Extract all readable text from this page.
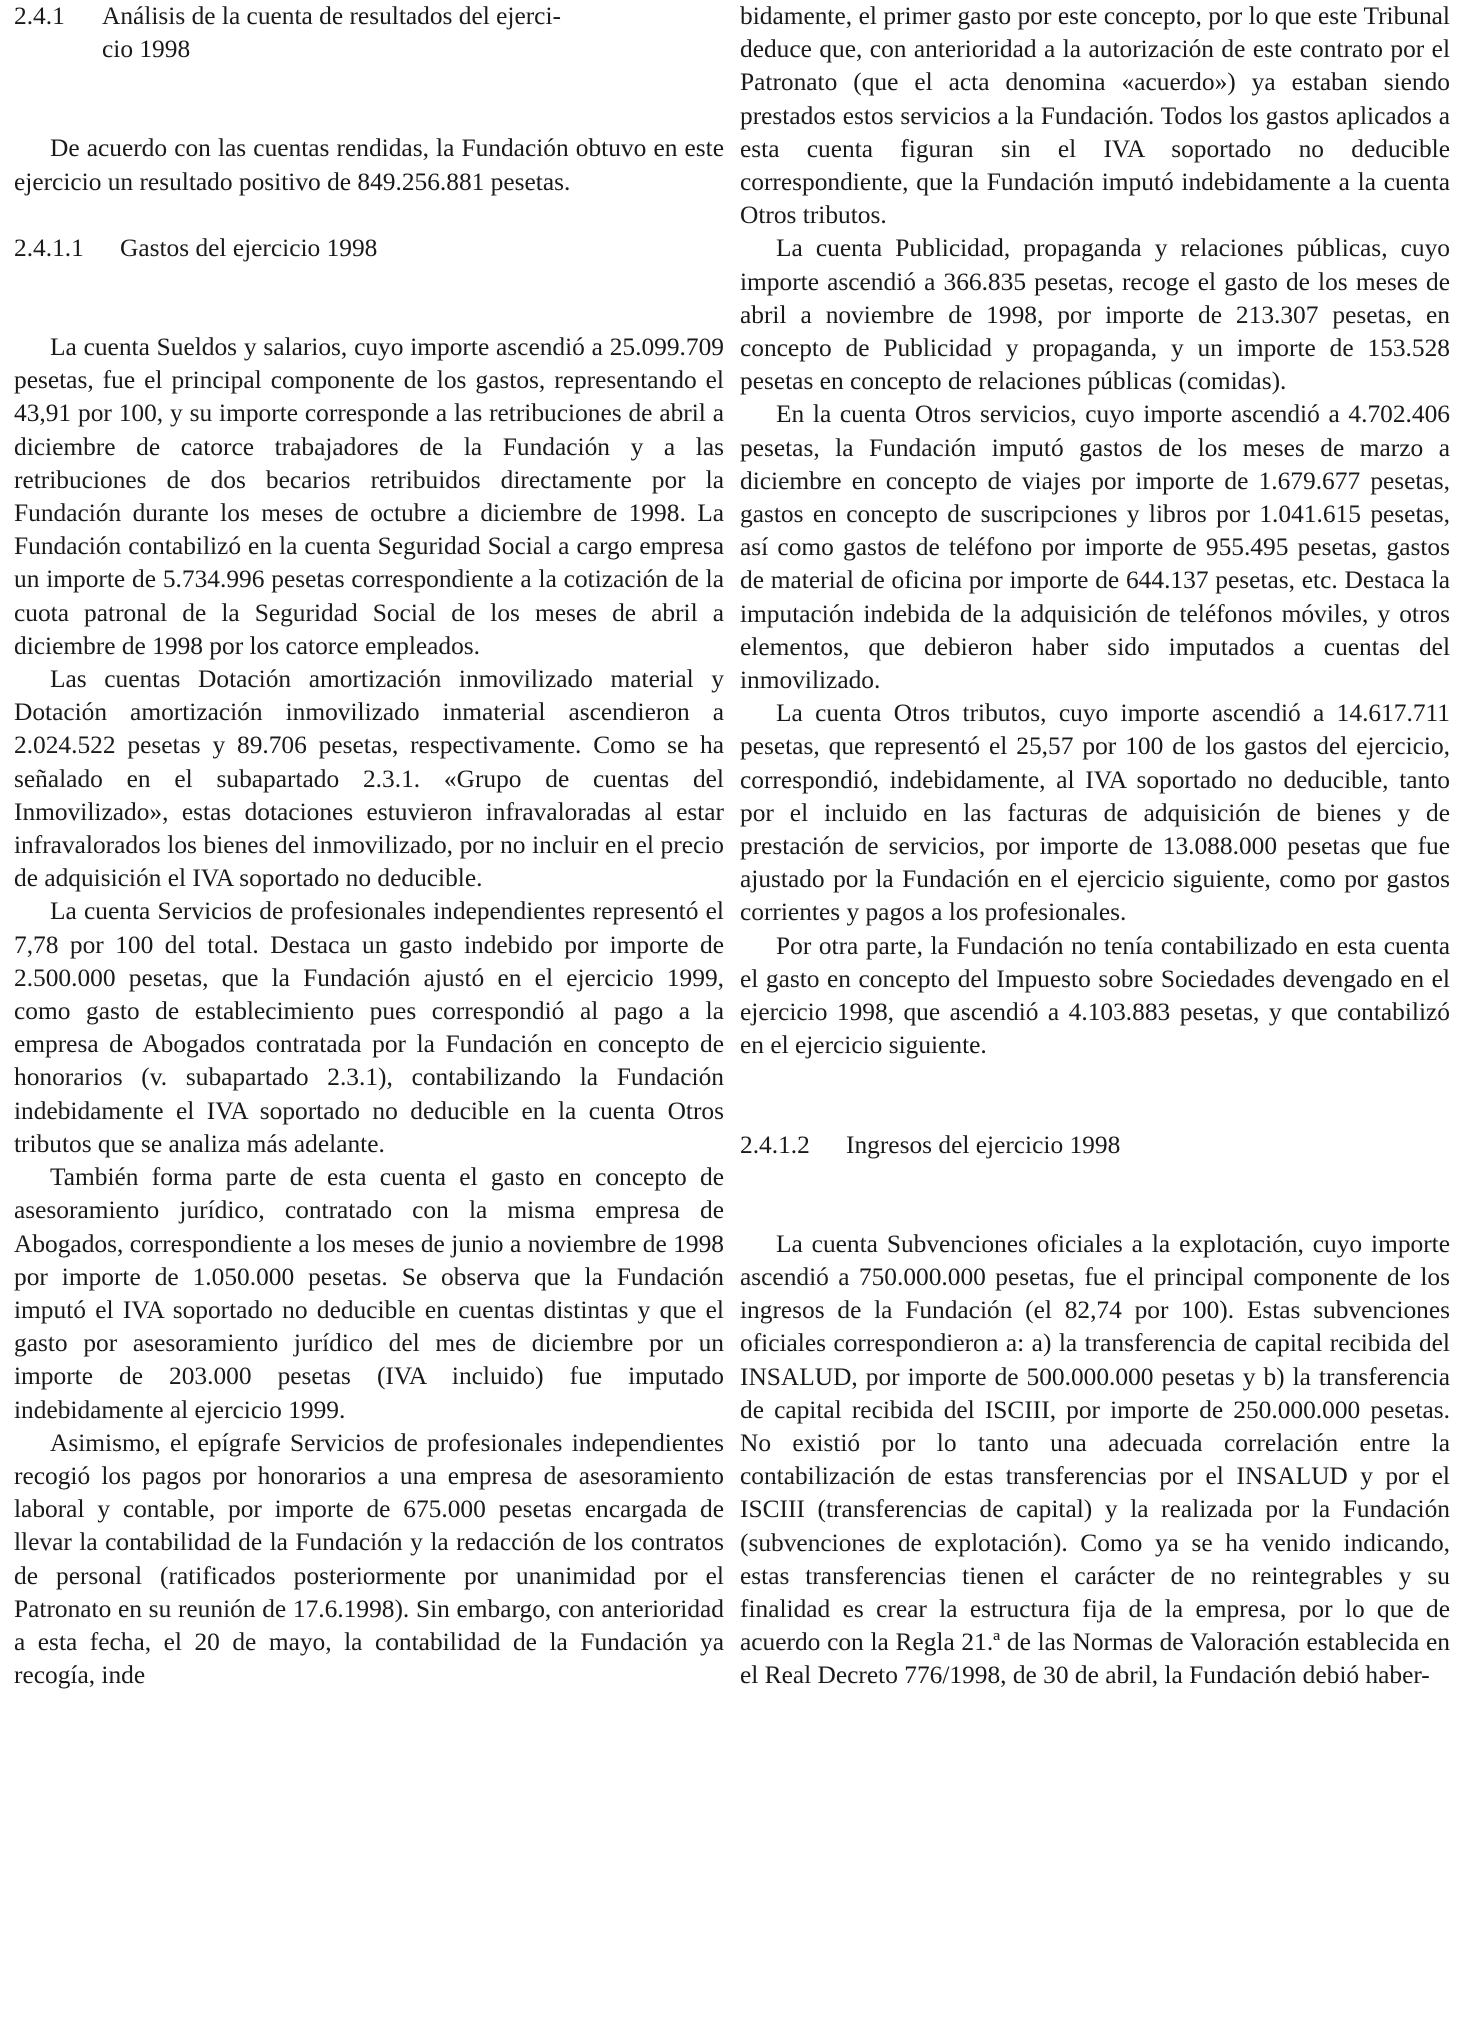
2.4.1 Análisis de la cuenta de resultados del ejerci-
cio 1998

De acuerdo con las cuentas rendidas, la Fundación obtuvo en este ejercicio un resultado positivo de 849.256.881 pesetas.

2.4.1.1 Gastos del ejercicio 1998

La cuenta Sueldos y salarios, cuyo importe ascendió a 25.099.709 pesetas, fue el principal componente de los gastos, representando el 43,91 por 100, y su importe corresponde a las retribuciones de abril a diciembre de catorce trabajadores de la Fundación y a las retribuciones de dos becarios retribuidos directamente por la Fundación durante los meses de octubre a diciembre de 1998. La Fundación contabilizó en la cuenta Seguridad Social a cargo empresa un importe de 5.734.996 pesetas correspondiente a la cotización de la cuota patronal de la Seguridad Social de los meses de abril a diciembre de 1998 por los catorce empleados.

Las cuentas Dotación amortización inmovilizado material y Dotación amortización inmovilizado inmaterial ascendieron a 2.024.522 pesetas y 89.706 pesetas, respectivamente. Como se ha señalado en el subapartado 2.3.1. «Grupo de cuentas del Inmovilizado», estas dotaciones estuvieron infravaloradas al estar infravalorados los bienes del inmovilizado, por no incluir en el precio de adquisición el IVA soportado no deducible.

La cuenta Servicios de profesionales independientes representó el 7,78 por 100 del total. Destaca un gasto indebido por importe de 2.500.000 pesetas, que la Fundación ajustó en el ejercicio 1999, como gasto de establecimiento pues correspondió al pago a la empresa de Abogados contratada por la Fundación en concepto de honorarios (v. subapartado 2.3.1), contabilizando la Fundación indebidamente el IVA soportado no deducible en la cuenta Otros tributos que se analiza más adelante.

También forma parte de esta cuenta el gasto en concepto de asesoramiento jurídico, contratado con la misma empresa de Abogados, correspondiente a los meses de junio a noviembre de 1998 por importe de 1.050.000 pesetas. Se observa que la Fundación imputó el IVA soportado no deducible en cuentas distintas y que el gasto por asesoramiento jurídico del mes de diciembre por un importe de 203.000 pesetas (IVA incluido) fue imputado indebidamente al ejercicio 1999.

Asimismo, el epígrafe Servicios de profesionales independientes recogió los pagos por honorarios a una empresa de asesoramiento laboral y contable, por importe de 675.000 pesetas encargada de llevar la contabilidad de la Fundación y la redacción de los contratos de personal (ratificados posteriormente por unanimidad por el Patronato en su reunión de 17.6.1998). Sin embargo, con anterioridad a esta fecha, el 20 de mayo, la contabilidad de la Fundación ya recogía, inde

bidamente, el primer gasto por este concepto, por lo que este Tribunal deduce que, con anterioridad a la autorización de este contrato por el Patronato (que el acta denomina «acuerdo») ya estaban siendo prestados estos servicios a la Fundación. Todos los gastos aplicados a esta cuenta figuran sin el IVA soportado no deducible correspondiente, que la Fundación imputó indebidamente a la cuenta Otros tributos.

La cuenta Publicidad, propaganda y relaciones públicas, cuyo importe ascendió a 366.835 pesetas, recoge el gasto de los meses de abril a noviembre de 1998, por importe de 213.307 pesetas, en concepto de Publicidad y propaganda, y un importe de 153.528 pesetas en concepto de relaciones públicas (comidas).

En la cuenta Otros servicios, cuyo importe ascendió a 4.702.406 pesetas, la Fundación imputó gastos de los meses de marzo a diciembre en concepto de viajes por importe de 1.679.677 pesetas, gastos en concepto de suscripciones y libros por 1.041.615 pesetas, así como gastos de teléfono por importe de 955.495 pesetas, gastos de material de oficina por importe de 644.137 pesetas, etc. Destaca la imputación indebida de la adquisición de teléfonos móviles, y otros elementos, que debieron haber sido imputados a cuentas del inmovilizado.

La cuenta Otros tributos, cuyo importe ascendió a 14.617.711 pesetas, que representó el 25,57 por 100 de los gastos del ejercicio, correspondió, indebidamente, al IVA soportado no deducible, tanto por el incluido en las facturas de adquisición de bienes y de prestación de servicios, por importe de 13.088.000 pesetas que fue ajustado por la Fundación en el ejercicio siguiente, como por gastos corrientes y pagos a los profesionales.

Por otra parte, la Fundación no tenía contabilizado en esta cuenta el gasto en concepto del Impuesto sobre Sociedades devengado en el ejercicio 1998, que ascendió a 4.103.883 pesetas, y que contabilizó en el ejercicio siguiente.

2.4.1.2 Ingresos del ejercicio 1998

La cuenta Subvenciones oficiales a la explotación, cuyo importe ascendió a 750.000.000 pesetas, fue el principal componente de los ingresos de la Fundación (el 82,74 por 100). Estas subvenciones oficiales correspondieron a: a) la transferencia de capital recibida del INSALUD, por importe de 500.000.000 pesetas y b) la transferencia de capital recibida del ISCIII, por importe de 250.000.000 pesetas. No existió por lo tanto una adecuada correlación entre la contabilización de estas transferencias por el INSALUD y por el ISCIII (transferencias de capital) y la realizada por la Fundación (subvenciones de explotación). Como ya se ha venido indicando, estas transferencias tienen el carácter de no reintegrables y su finalidad es crear la estructura fija de la empresa, por lo que de acuerdo con la Regla 21.ª de las Normas de Valoración establecida en el Real Decreto 776/1998, de 30 de abril, la Fundación debió haber-
